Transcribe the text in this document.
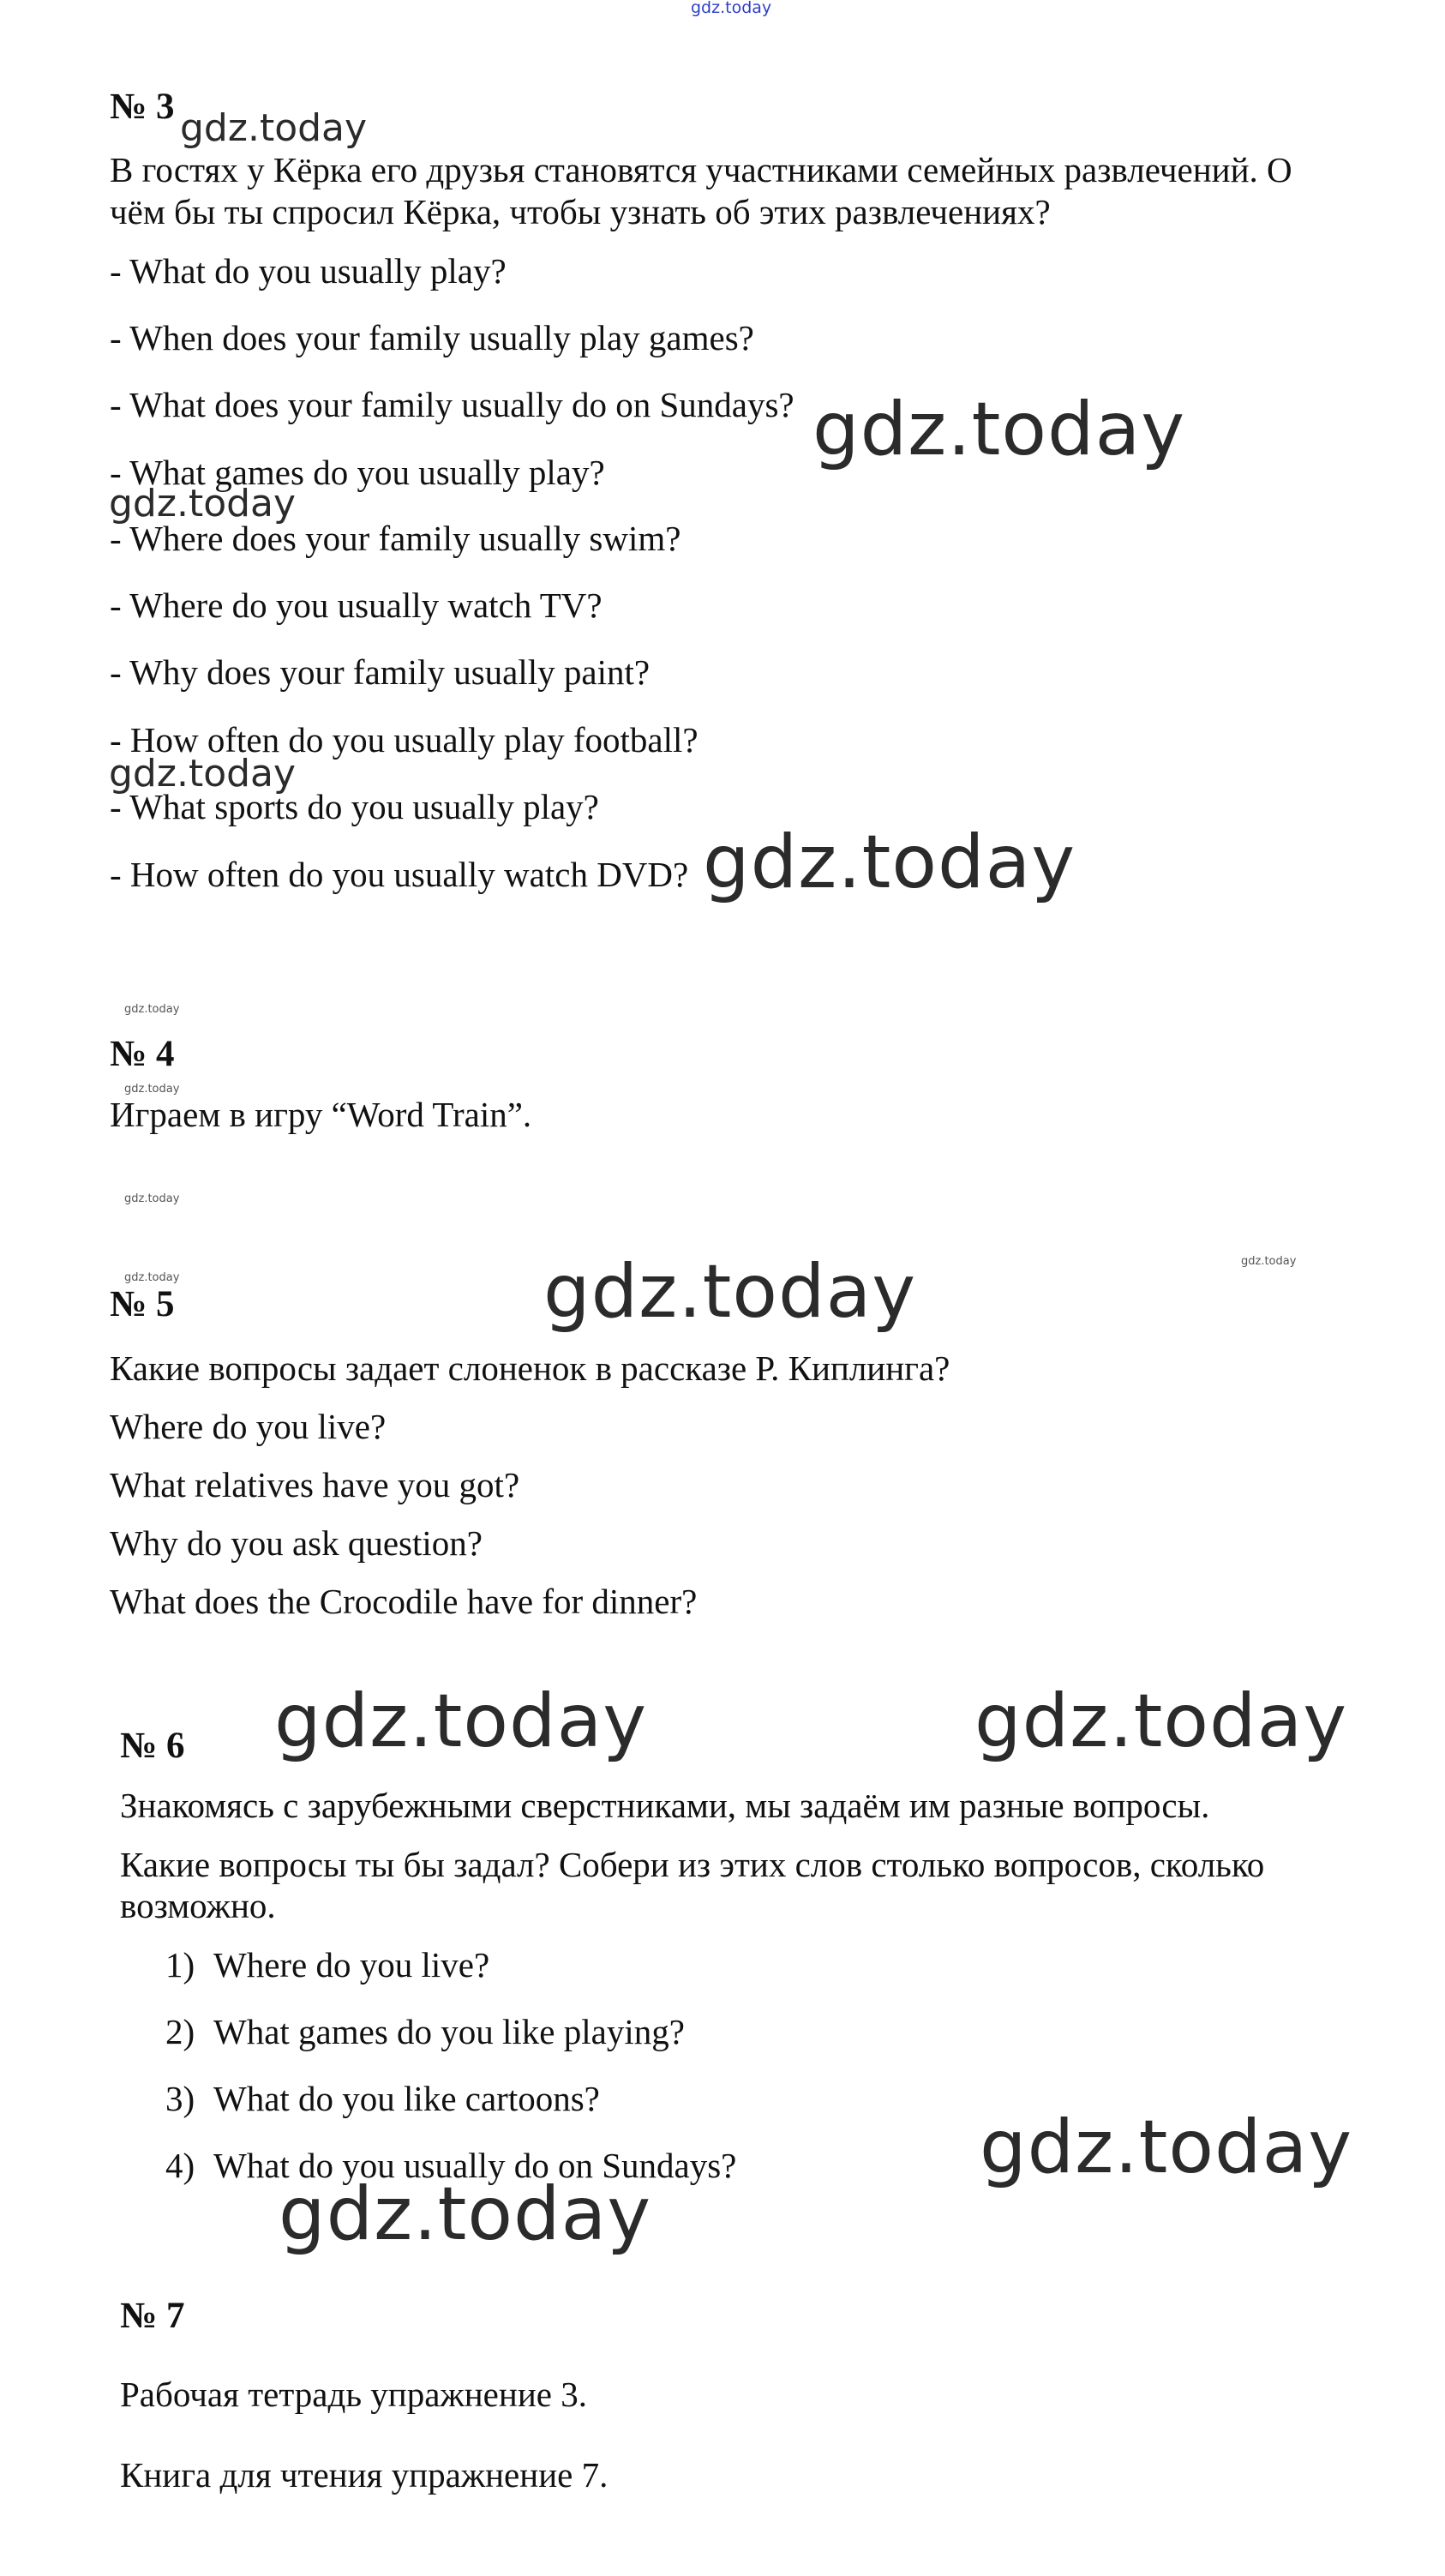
gdz.today
gdz.today
gdz.today
gdz.today
gdz.today
gdz.today
gdz.today
gdz.today
gdz.today
gdz.today
gdz.today
gdz.today
gdz.today	gdz.today
gdz.today
gdz.today
№ 3
В гостях у Кёрка его друзья становятся участниками семейных развлечений. О
чём бы ты спросил Кёрка, чтобы узнать об этих развлечениях?
- What do you usually play?
- When does your family usually play games?
- What does your family usually do on Sundays?
- What games do you usually play?
- Where does your family usually swim?
- Where do you usually watch TV?
- Why does your family usually paint?
- How often do you usually play football?
- What sports do you usually play?
- How often do you usually watch DVD?
№ 4
Играем в игру “Word Train”.
№ 5
Какие вопросы задает слоненок в рассказе Р. Киплинга?
Where do you live?
What relatives have you got?
Why do you ask question?
What does the Crocodile have for dinner?
№ 6
Знакомясь с зарубежными сверстниками, мы задаём им разные вопросы.
Какие вопросы ты бы задал? Собери из этих слов столько вопросов, сколько
возможно.
1) Where do you live?
2) What games do you like playing?
3) What do you like cartoons?
4) What do you usually do on Sundays?
№ 7
Рабочая тетрадь упражнение 3.
Книга для чтения упражнение 7.
